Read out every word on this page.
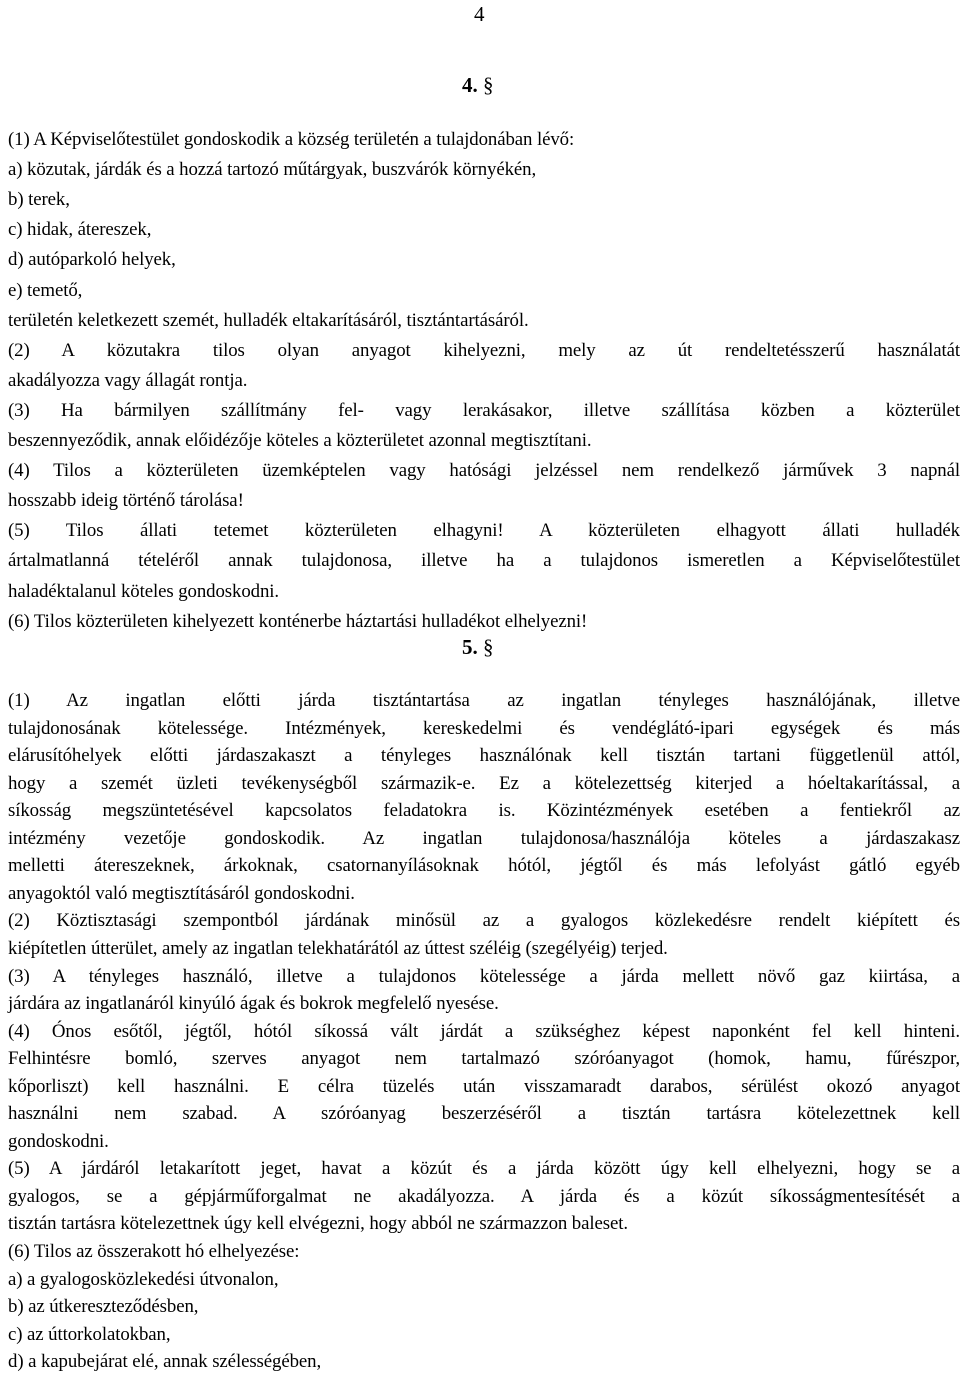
4
4. §
(1) A Képviselőtestület gondoskodik a község területén a tulajdonában lévő:
a) közutak, járdák és a hozzá tartozó műtárgyak, buszvárók környékén,
b) terek,
c) hidak, átereszek,
d) autóparkoló helyek,
e) temető,
területén keletkezett szemét, hulladék eltakarításáról, tisztántartásáról.
(2) A közutakra tilos olyan anyagot kihelyezni, mely az út rendeltetésszerű használatát
akadályozza vagy állagát rontja.
(3) Ha bármilyen szállítmány fel- vagy lerakásakor, illetve szállítása közben a közterület
beszennyeződik, annak előidézője köteles a közterületet azonnal megtisztítani.
(4) Tilos a közterületen üzemképtelen vagy hatósági jelzéssel nem rendelkező járművek 3 napnál
hosszabb ideig történő tárolása!
(5) Tilos állati tetemet közterületen elhagyni! A közterületen elhagyott állati hulladék
ártalmatlanná tételéről annak tulajdonosa, illetve ha a tulajdonos ismeretlen a Képviselőtestület
haladéktalanul köteles gondoskodni.
(6) Tilos közterületen kihelyezett konténerbe háztartási hulladékot elhelyezni!
5. §
(1) Az ingatlan előtti járda tisztántartása az ingatlan tényleges használójának, illetve
tulajdonosának kötelessége. Intézmények, kereskedelmi és vendéglátó-ipari egységek és más
elárusítóhelyek előtti járdaszakaszt a tényleges használónak kell tisztán tartani függetlenül attól,
hogy a szemét üzleti tevékenységből származik-e. Ez a kötelezettség kiterjed a hóeltakarítással, a
síkosság megszüntetésével kapcsolatos feladatokra is. Közintézmények esetében a fentiekről az
intézmény vezetője gondoskodik. Az ingatlan tulajdonosa/használója köteles a járdaszakasz
melletti átereszeknek, árkoknak, csatornanyílásoknak hótól, jégtől és más lefolyást gátló egyéb
anyagoktól való megtisztításáról gondoskodni.
(2) Köztisztasági szempontból járdának minősül az a gyalogos közlekedésre rendelt kiépített és
kiépítetlen útterület, amely az ingatlan telekhatárától az úttest széléig (szegélyéig) terjed.
(3) A tényleges használó, illetve a tulajdonos kötelessége a járda mellett növő gaz kiirtása, a
járdára az ingatlanáról kinyúló ágak és bokrok megfelelő nyesése.
(4) Ónos esőtől, jégtől, hótól síkossá vált járdát a szükséghez képest naponként fel kell hinteni.
Felhintésre bomló, szerves anyagot nem tartalmazó szóróanyagot (homok, hamu, fűrészpor,
kőporliszt) kell használni. E célra tüzelés után visszamaradt darabos, sérülést okozó anyagot
használni nem szabad. A szóróanyag beszerzéséről a tisztán tartásra kötelezettnek kell
gondoskodni.
(5) A járdáról letakarított jeget, havat a közút és a járda között úgy kell elhelyezni, hogy se a
gyalogos, se a gépjárműforgalmat ne akadályozza. A járda és a közút síkosságmentesítését a
tisztán tartásra kötelezettnek úgy kell elvégezni, hogy abból ne származzon baleset.
(6) Tilos az összerakott hó elhelyezése:
a) a gyalogosközlekedési útvonalon,
b) az útkereszteződésben,
c) az úttorkolatokban,
d) a kapubejárat elé, annak szélességében,
